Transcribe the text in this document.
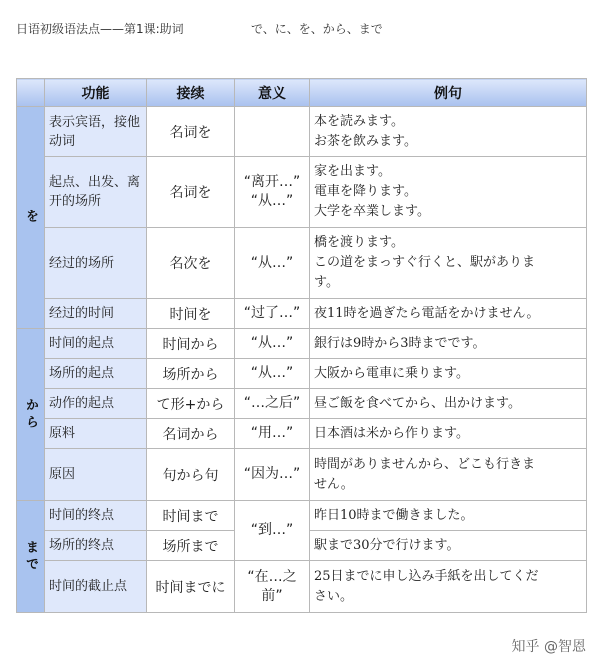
日语初级语法点——第1课:助词	で、に、を、から、まで
	功能	接续	意义	例句
を	表示宾语，接他动词	名词を		本を読みます。
お茶を飲みます。

	起点、出发、离开的场所	名词を	“离开…”
“从…”	家を出ます。
電車を降ります。
大学を卒業します。

	经过的场所	名次を	“从…”	橋を渡ります。
この道をまっすぐ行くと、駅がありま
す。

	经过的时间	时间を	“过了…”	夜11時を過ぎたら電話をかけません。

から	时间的起点	时间から	“从…”	銀行は9時から3時までです。

	场所的起点	场所から	“从…”	大阪から電車に乗ります。

	动作的起点	て形+から	“…之后”	昼ご飯を食べてから、出かけます。

	原料	名词から	“用…”	日本酒は米から作ります。

	原因	句から句	“因为…”	時間がありませんから、どこも行きま
せん。

まで	时间的终点	时间まで	“到…”	昨日10時まで働きました。

	场所的终点	场所まで		駅まで30分で行けます。

	时间的截止点	时间までに	“在…之
前”	25日までに申し込み手紙を出してくだ
さい。
知乎 @智恩
